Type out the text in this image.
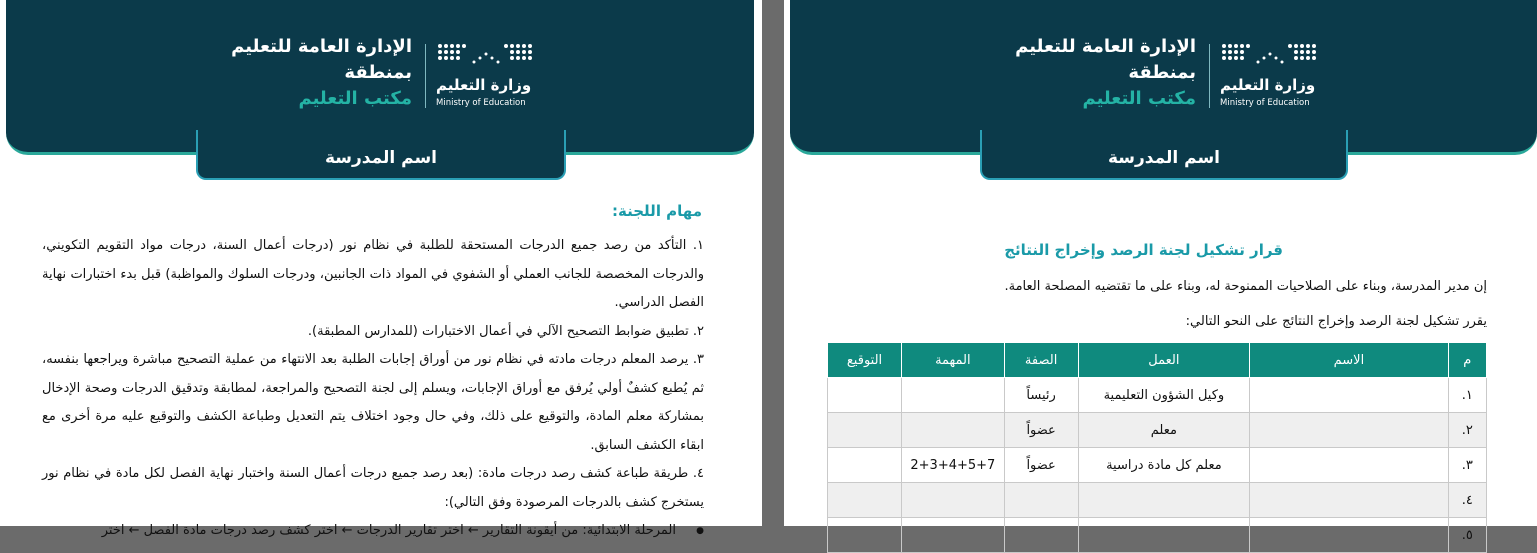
الإدارة العامة للتعليم
بمنطقة
مكتب التعليم
وزارة التعليم
Ministry of Education
اسم المدرسة
مهام اللجنة:
١. التأكد من رصد جميع الدرجات المستحقة للطلبة في نظام نور (درجات أعمال السنة، درجات مواد التقويم التكويني، والدرجات المخصصة للجانب العملي أو الشفوي في المواد ذات الجانبين، ودرجات السلوك والمواظبة) قبل بدء اختبارات نهاية الفصل الدراسي.
٢. تطبيق ضوابط التصحيح الآلي في أعمال الاختبارات (للمدارس المطبقة).
٣. يرصد المعلم درجات مادته في نظام نور من أوراق إجابات الطلبة بعد الانتهاء من عملية التصحيح مباشرة ويراجعها بنفسه، ثم يُطبع كشفٌ أولي يُرفق مع أوراق الإجابات، ويسلم إلى لجنة التصحيح والمراجعة، لمطابقة وتدقيق الدرجات وصحة الإدخال بمشاركة معلم المادة، والتوقيع على ذلك، وفي حال وجود اختلاف يتم التعديل وطباعة الكشف والتوقيع عليه مرة أخرى مع ابقاء الكشف السابق.
٤. طريقة طباعة كشف رصد درجات مادة: (بعد رصد جميع درجات أعمال السنة واختبار نهاية الفصل لكل مادة في نظام نور يستخرج كشف بالدرجات المرصودة وفق التالي):
● المرحلة الابتدائية: من أيقونة التقارير ← اختر تقارير الدرجات ← اختر كشف رصد درجات مادة الفصل ← اختر
الإدارة العامة للتعليم
بمنطقة
مكتب التعليم
وزارة التعليم
Ministry of Education
اسم المدرسة
قرار تشكيل لجنة الرصد وإخراج النتائج
إن مدير المدرسة، وبناء على الصلاحيات الممنوحة له، وبناء على ما تقتضيه المصلحة العامة.
يقرر تشكيل لجنة الرصد وإخراج النتائج على النحو التالي:
م	الاسم	العمل	الصفة	المهمة	التوقيع
١.		وكيل الشؤون التعليمية	رئيساً		
٢.		معلم	عضواً		
٣.		معلم كل مادة دراسية	عضواً	2+3+4+5+7	
٤.					
٥.					
